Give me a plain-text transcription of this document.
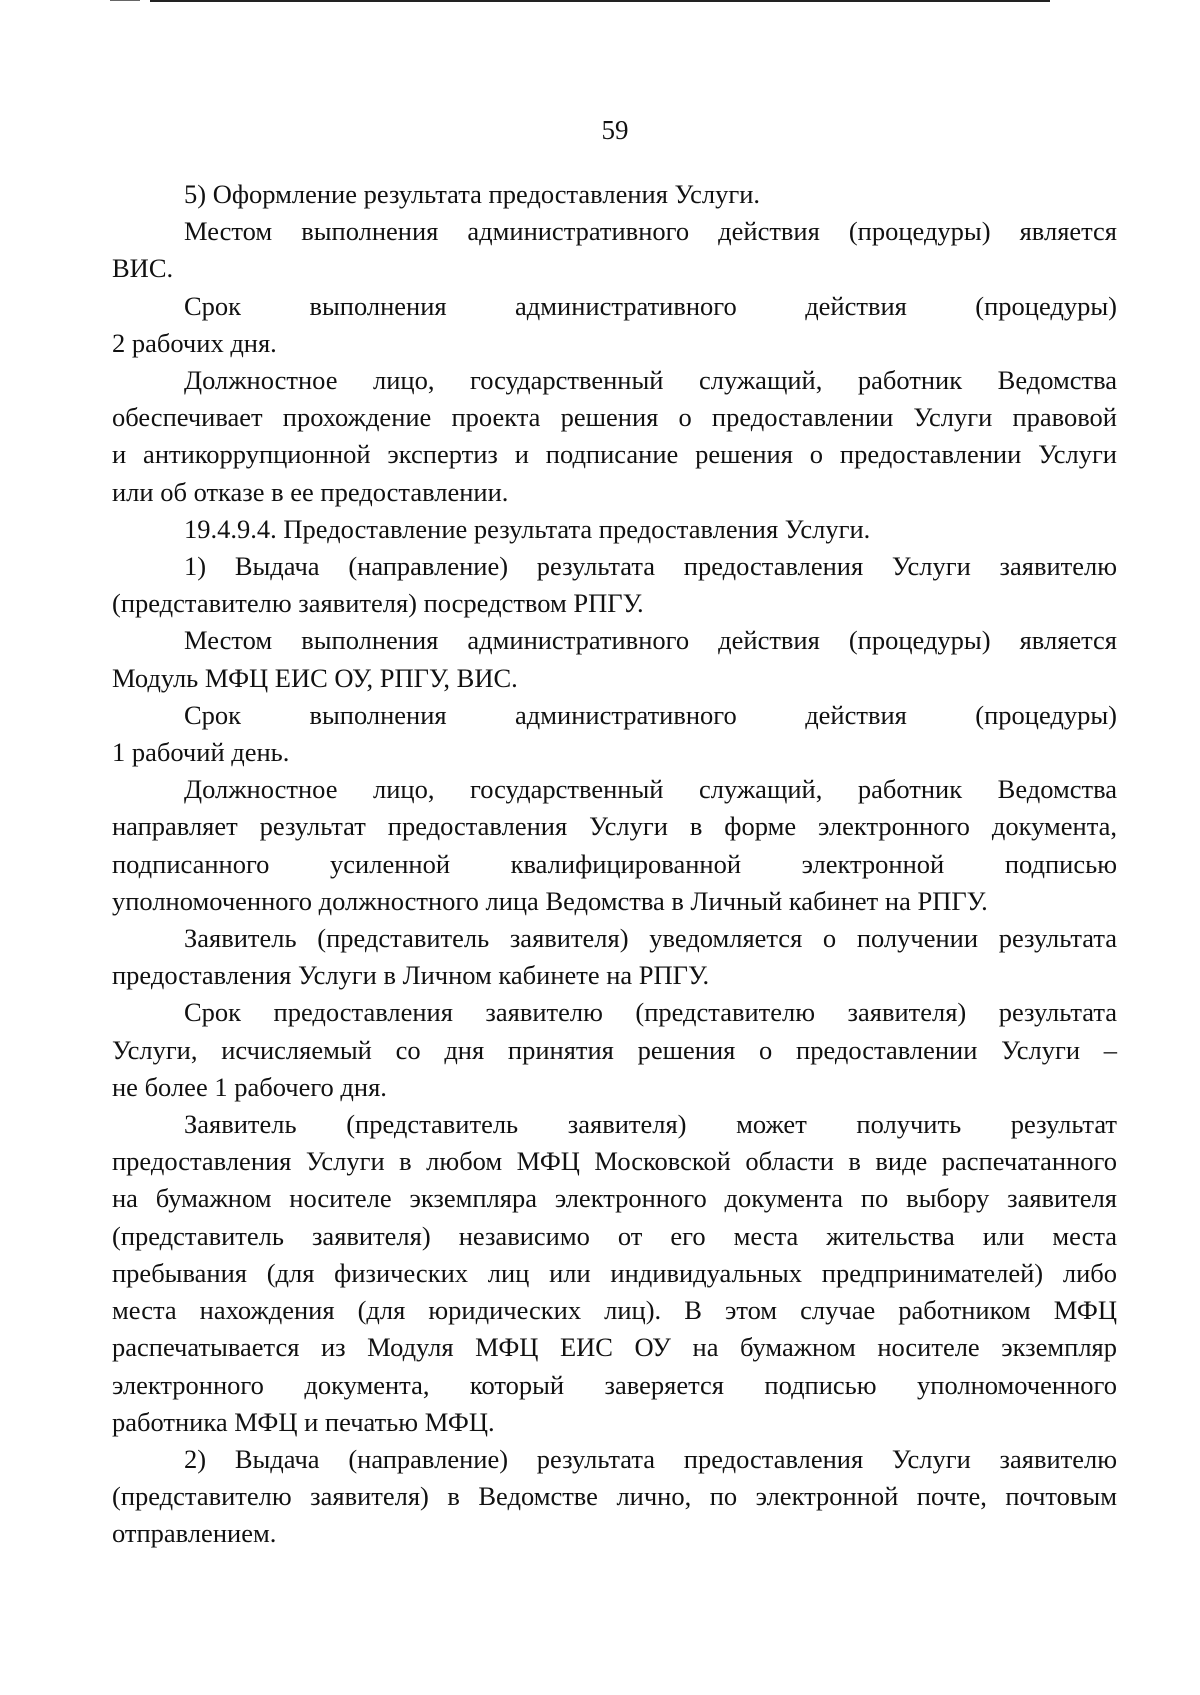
59
5) Оформление результата предоставления Услуги.
Местом выполнения административного действия (процедуры) является
ВИС.
Срок выполнения административного действия (процедуры)
2 рабочих дня.
Должностное лицо, государственный служащий, работник Ведомства
обеспечивает прохождение проекта решения о предоставлении Услуги правовой
и антикоррупционной экспертиз и подписание решения о предоставлении Услуги
или об отказе в ее предоставлении.
19.4.9.4. Предоставление результата предоставления Услуги.
1) Выдача (направление) результата предоставления Услуги заявителю
(представителю заявителя) посредством РПГУ.
Местом выполнения административного действия (процедуры) является
Модуль МФЦ ЕИС ОУ, РПГУ, ВИС.
Срок выполнения административного действия (процедуры)
1 рабочий день.
Должностное лицо, государственный служащий, работник Ведомства
направляет результат предоставления Услуги в форме электронного документа,
подписанного усиленной квалифицированной электронной подписью
уполномоченного должностного лица Ведомства в Личный кабинет на РПГУ.
Заявитель (представитель заявителя) уведомляется о получении результата
предоставления Услуги в Личном кабинете на РПГУ.
Срок предоставления заявителю (представителю заявителя) результата
Услуги, исчисляемый со дня принятия решения о предоставлении Услуги –
не более 1 рабочего дня.
Заявитель (представитель заявителя) может получить результат
предоставления Услуги в любом МФЦ Московской области в виде распечатанного
на бумажном носителе экземпляра электронного документа по выбору заявителя
(представитель заявителя) независимо от его места жительства или места
пребывания (для физических лиц или индивидуальных предпринимателей) либо
места нахождения (для юридических лиц). В этом случае работником МФЦ
распечатывается из Модуля МФЦ ЕИС ОУ на бумажном носителе экземпляр
электронного документа, который заверяется подписью уполномоченного
работника МФЦ и печатью МФЦ.
2) Выдача (направление) результата предоставления Услуги заявителю
(представителю заявителя) в Ведомстве лично, по электронной почте, почтовым
отправлением.
